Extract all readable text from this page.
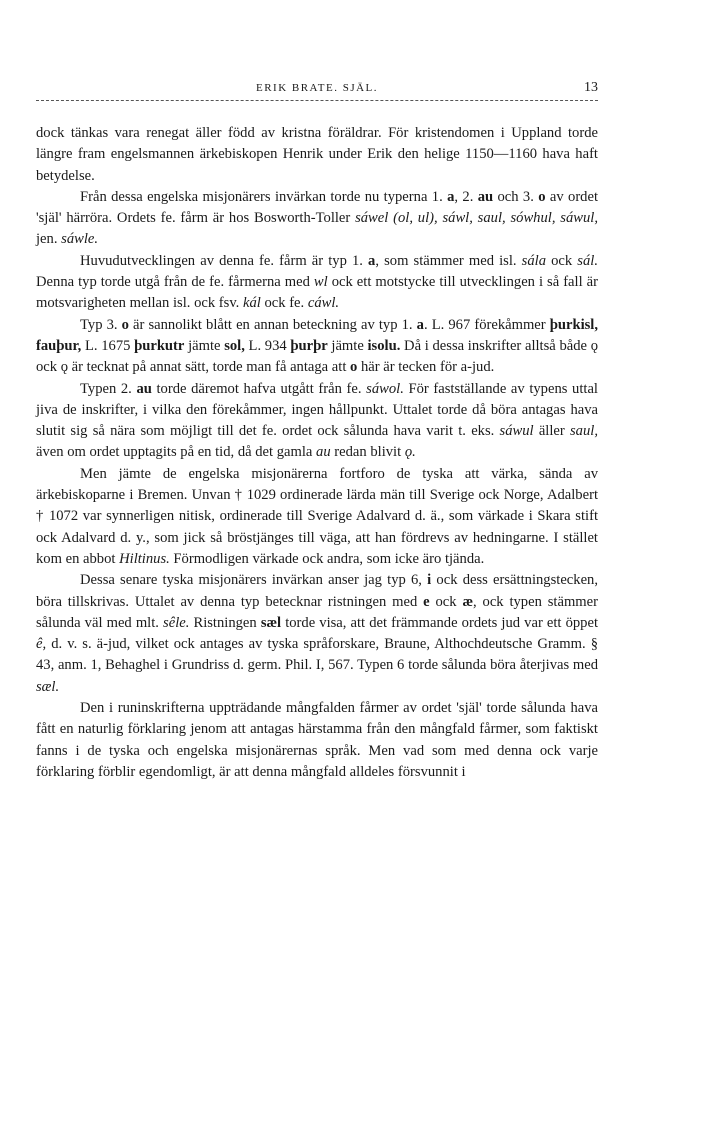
ERIK BRATE. SJÄL.	13

dock tänkas vara renegat äller född av kristna föräldrar. För kristendomen i Uppland torde längre fram engelsmannen ärkebiskopen Henrik under Erik den helige 1150—1160 hava haft betydelse.

Från dessa engelska misjonärers invärkan torde nu typerna 1. a, 2. au och 3. o av ordet 'själ' härröra. Ordets fe. fårm är hos Bosworth-Toller sáwel (ol, ul), sáwl, saul, sówhul, sáwul, jen. sáwle.

Huvudutvecklingen av denna fe. fårm är typ 1. a, som stämmer med isl. sála ock sál. Denna typ torde utgå från de fe. fårmerna med wl ock ett motstycke till utvecklingen i så fall är motsvarigheten mellan isl. ock fsv. kál ock fe. cáwl.

Typ 3. o är sannolikt blått en annan beteckning av typ 1. a. L. 967 förekåmmer þurkisl, fauþur, L. 1675 þurkutr jämte sol, L. 934 þurþr jämte isolu. Då i dessa inskrifter alltså både ǫ ock ǫ är tecknat på annat sätt, torde man få antaga att o här är tecken för a-jud.

Typen 2. au torde däremot hafva utgått från fe. sáwol. För fastställande av typens uttal jiva de inskrifter, i vilka den förekåmmer, ingen hållpunkt. Uttalet torde då böra antagas hava slutit sig så nära som möjligt till det fe. ordet ock sålunda hava varit t. eks. sáwul äller saul, även om ordet upptagits på en tid, då det gamla au redan blivit ǫ.

Men jämte de engelska misjonärerna fortforo de tyska att värka, sända av ärkebiskoparne i Bremen. Unvan † 1029 ordinerade lärda män till Sverige ock Norge, Adalbert † 1072 var synnerligen nitisk, ordinerade till Sverige Adalvard d. ä., som värkade i Skara stift ock Adalvard d. y., som jick så bröstjänges till väga, att han fördrevs av hedningarne. I stället kom en abbot Hiltinus. Förmodligen värkade ock andra, som icke äro tjända.

Dessa senare tyska misjonärers invärkan anser jag typ 6, i ock dess ersättningstecken, böra tillskrivas. Uttalet av denna typ betecknar ristningen med e ock æ, ock typen stämmer sålunda väl med mlt. sêle. Ristningen sæl torde visa, att det främmande ordets jud var ett öppet ê, d. v. s. ä-jud, vilket ock antages av tyska språforskare, Braune, Althochdeutsche Gramm. § 43, anm. 1, Behaghel i Grundriss d. germ. Phil. I, 567. Typen 6 torde sålunda böra återjivas med sæl.

Den i runinskrifterna uppträdande mångfalden fårmer av ordet 'själ' torde sålunda hava fått en naturlig förklaring jenom att antagas härstamma från den mångfald fårmer, som faktiskt fanns i de tyska och engelska misjonärernas språk. Men vad som med denna ock varje förklaring förblir egendomligt, är att denna mångfald alldeles försvunnit i
